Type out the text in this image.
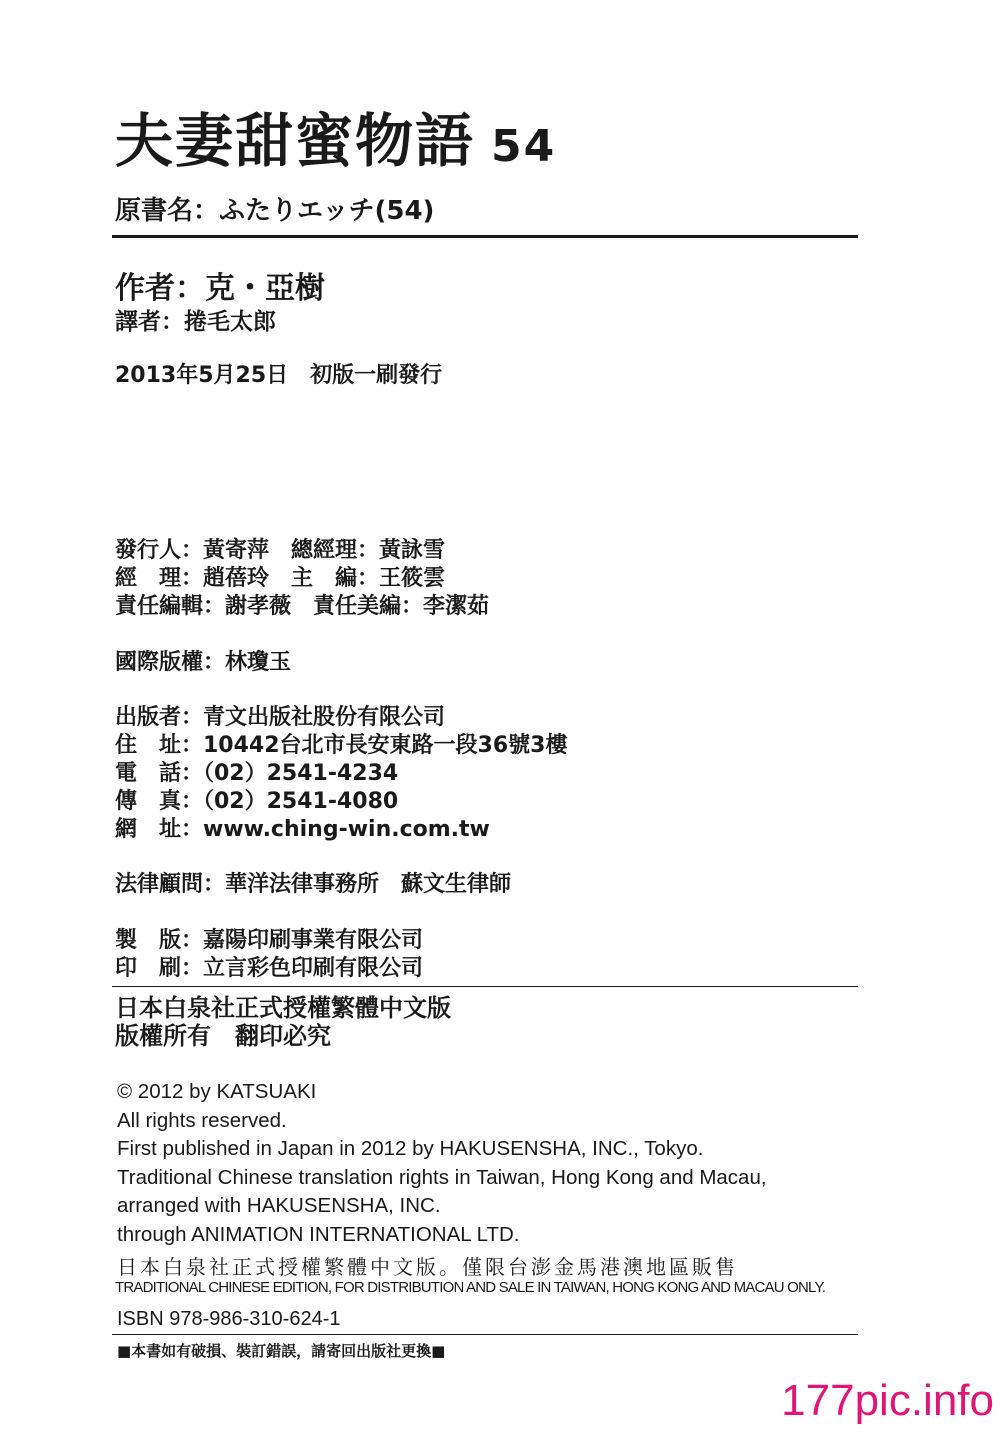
夫妻甜蜜物語 54
原書名：ふたりエッチ(54)
作者：克・亞樹
譯者：捲毛太郎
2013年5月25日　初版一刷發行
發行人：黃寄萍　總經理：黃詠雪
經　理：趙蓓玲　主　編：王筱雲
責任編輯：謝孝薇　責任美編：李潔茹
國際版權：林瓊玉
出版者：青文出版社股份有限公司
住　址：10442台北市長安東路一段36號3樓
電　話：（02）2541-4234
傳　真：（02）2541-4080
網　址：www.ching-win.com.tw
法律顧問：華洋法律事務所　蘇文生律師
製　版：嘉陽印刷事業有限公司
印　刷：立言彩色印刷有限公司
日本白泉社正式授權繁體中文版
版權所有　翻印必究
© 2012 by KATSUAKI
All rights reserved.
First published in Japan in 2012 by HAKUSENSHA, INC., Tokyo.
Traditional Chinese translation rights in Taiwan, Hong Kong and Macau,
arranged with HAKUSENSHA, INC.
through ANIMATION INTERNATIONAL LTD.
日本白泉社正式授權繁體中文版。僅限台澎金馬港澳地區販售
TRADITIONAL CHINESE EDITION, FOR DISTRIBUTION AND SALE IN TAIWAN, HONG KONG AND MACAU ONLY.
ISBN 978-986-310-624-1
■本書如有破損、裝訂錯誤，請寄回出版社更換■
177pic.info
